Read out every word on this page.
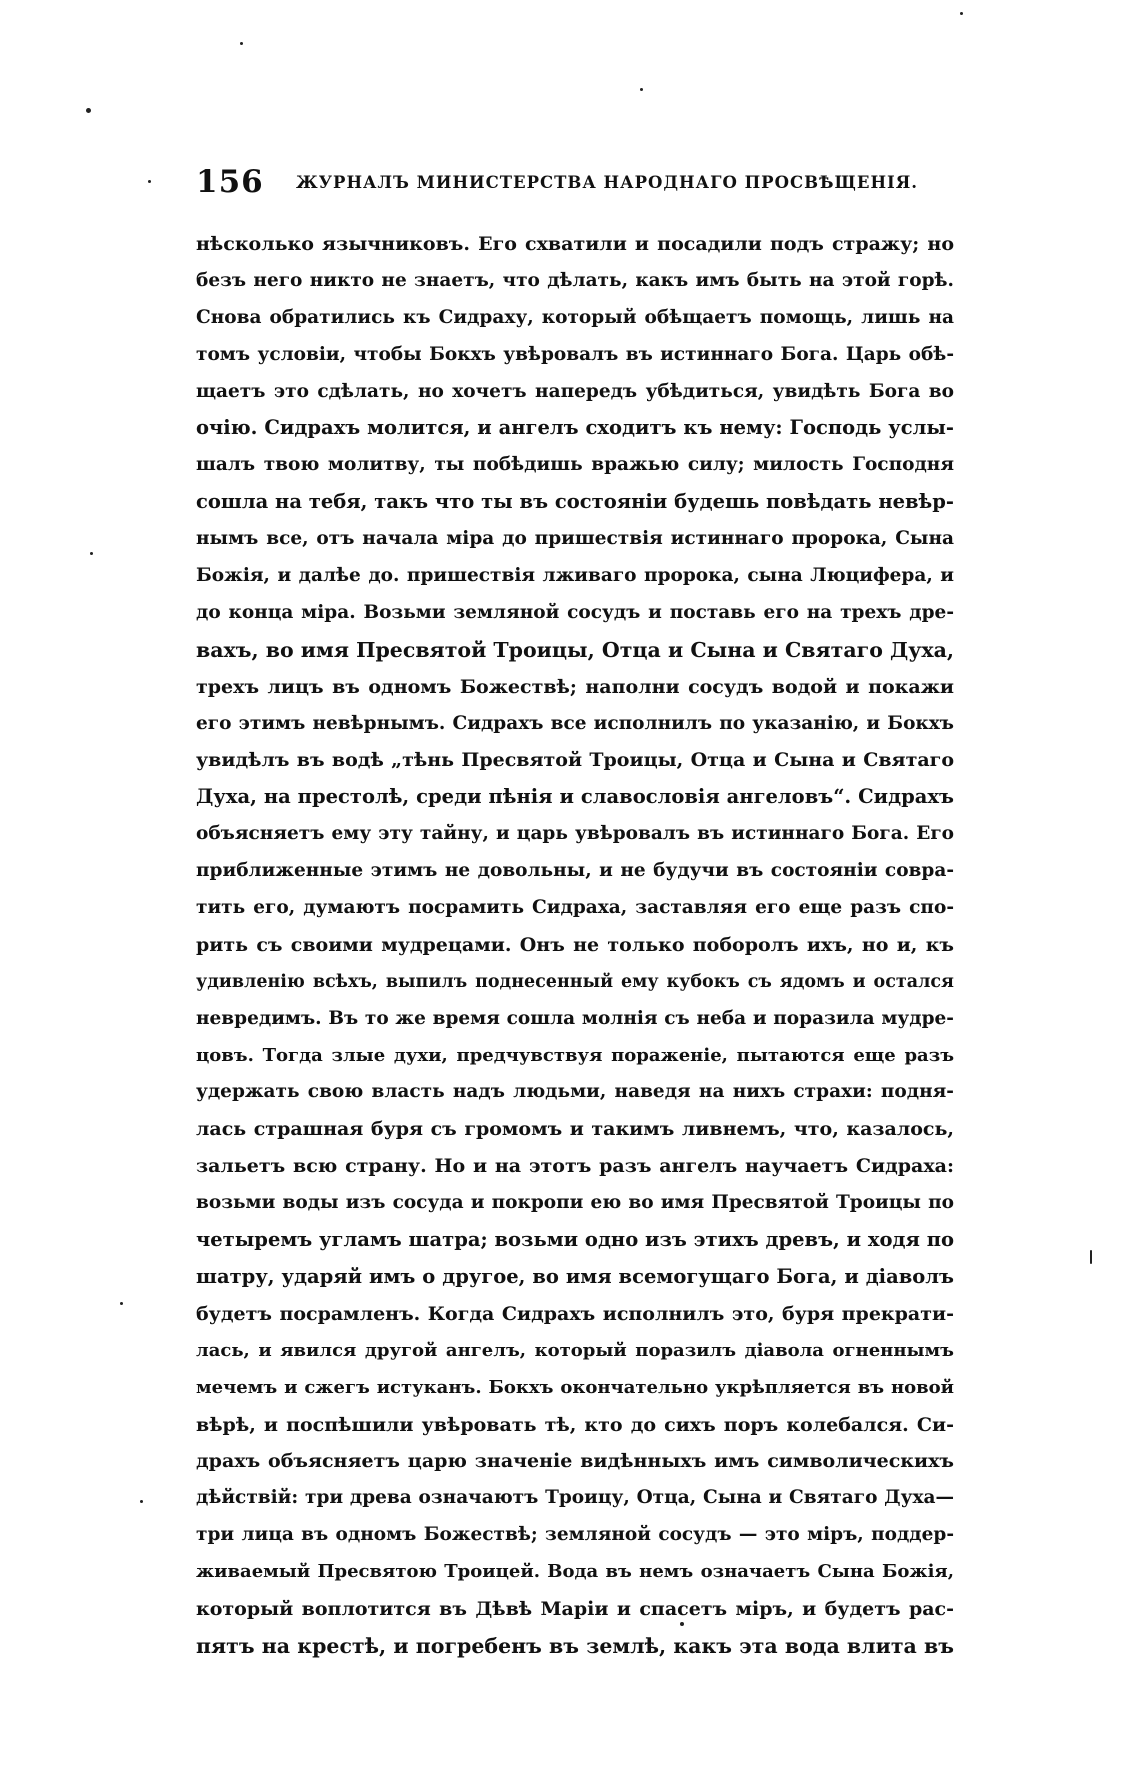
156 ЖУРНАЛЪ МИНИСТЕРСТВА НАРОДНАГО ПРОСВѢЩЕНІЯ.
нѣсколько язычниковъ. Его схватили и посадили подъ стражу; но
безъ него никто не знаетъ, что дѣлать, какъ имъ быть на этой горѣ.
Снова обратились къ Сидраху, который обѣщаетъ помощь, лишь на
томъ условіи, чтобы Бокхъ увѣровалъ въ истиннаго Бога. Царь обѣ-
щаетъ это сдѣлать, но хочетъ напередъ убѣдиться, увидѣть Бога во
очію. Сидрахъ молится, и ангелъ сходитъ къ нему: Господь услы-
шалъ твою молитву, ты побѣдишь вражью силу; милость Господня
сошла на тебя, такъ что ты въ состояніи будешь повѣдать невѣр-
нымъ все, отъ начала міра до пришествія истиннаго пророка, Сына
Божія, и далѣе до. пришествія лживаго пророка, сына Люцифера, и
до конца міра. Возьми земляной сосудъ и поставь его на трехъ дре-
вахъ, во имя Пресвятой Троицы, Отца и Сына и Святаго Духа,
трехъ лицъ въ одномъ Божествѣ; наполни сосудъ водой и покажи
его этимъ невѣрнымъ. Сидрахъ все исполнилъ по указанію, и Бокхъ
увидѣлъ въ водѣ „тѣнь Пресвятой Троицы, Отца и Сына и Святаго
Духа, на престолѣ, среди пѣнія и славословія ангеловъ“. Сидрахъ
объясняетъ ему эту тайну, и царь увѣровалъ въ истиннаго Бога. Его
приближенные этимъ не довольны, и не будучи въ состояніи совра-
тить его, думаютъ посрамить Сидраха, заставляя его еще разъ спо-
рить съ своими мудрецами. Онъ не только поборолъ ихъ, но и, къ
удивленію всѣхъ, выпилъ поднесенный ему кубокъ съ ядомъ и остался
невредимъ. Въ то же время сошла молнія съ неба и поразила мудре-
цовъ. Тогда злые духи, предчувствуя пораженіе, пытаются еще разъ
удержать свою власть надъ людьми, наведя на нихъ страхи: подня-
лась страшная буря съ громомъ и такимъ ливнемъ, что, казалось,
зальетъ всю страну. Но и на этотъ разъ ангелъ научаетъ Сидраха:
возьми воды изъ сосуда и покропи ею во имя Пресвятой Троицы по
четыремъ угламъ шатра; возьми одно изъ этихъ древъ, и ходя по
шатру, ударяй имъ о другое, во имя всемогущаго Бога, и діаволъ
будетъ посрамленъ. Когда Сидрахъ исполнилъ это, буря прекрати-
лась, и явился другой ангелъ, который поразилъ діавола огненнымъ
мечемъ и сжегъ истуканъ. Бокхъ окончательно укрѣпляется въ новой
вѣрѣ, и поспѣшили увѣровать тѣ, кто до сихъ поръ колебался. Си-
драхъ объясняетъ царю значеніе видѣнныхъ имъ символическихъ
дѣйствій: три древа означаютъ Троицу, Отца, Сына и Святаго Духа—
три лица въ одномъ Божествѣ; земляной сосудъ — это міръ, поддер-
живаемый Пресвятою Троицей. Вода въ немъ означаетъ Сына Божія,
который воплотится въ Дѣвѣ Маріи и спасетъ міръ, и будетъ рас-
пятъ на крестѣ, и погребенъ въ землѣ, какъ эта вода влита въ
